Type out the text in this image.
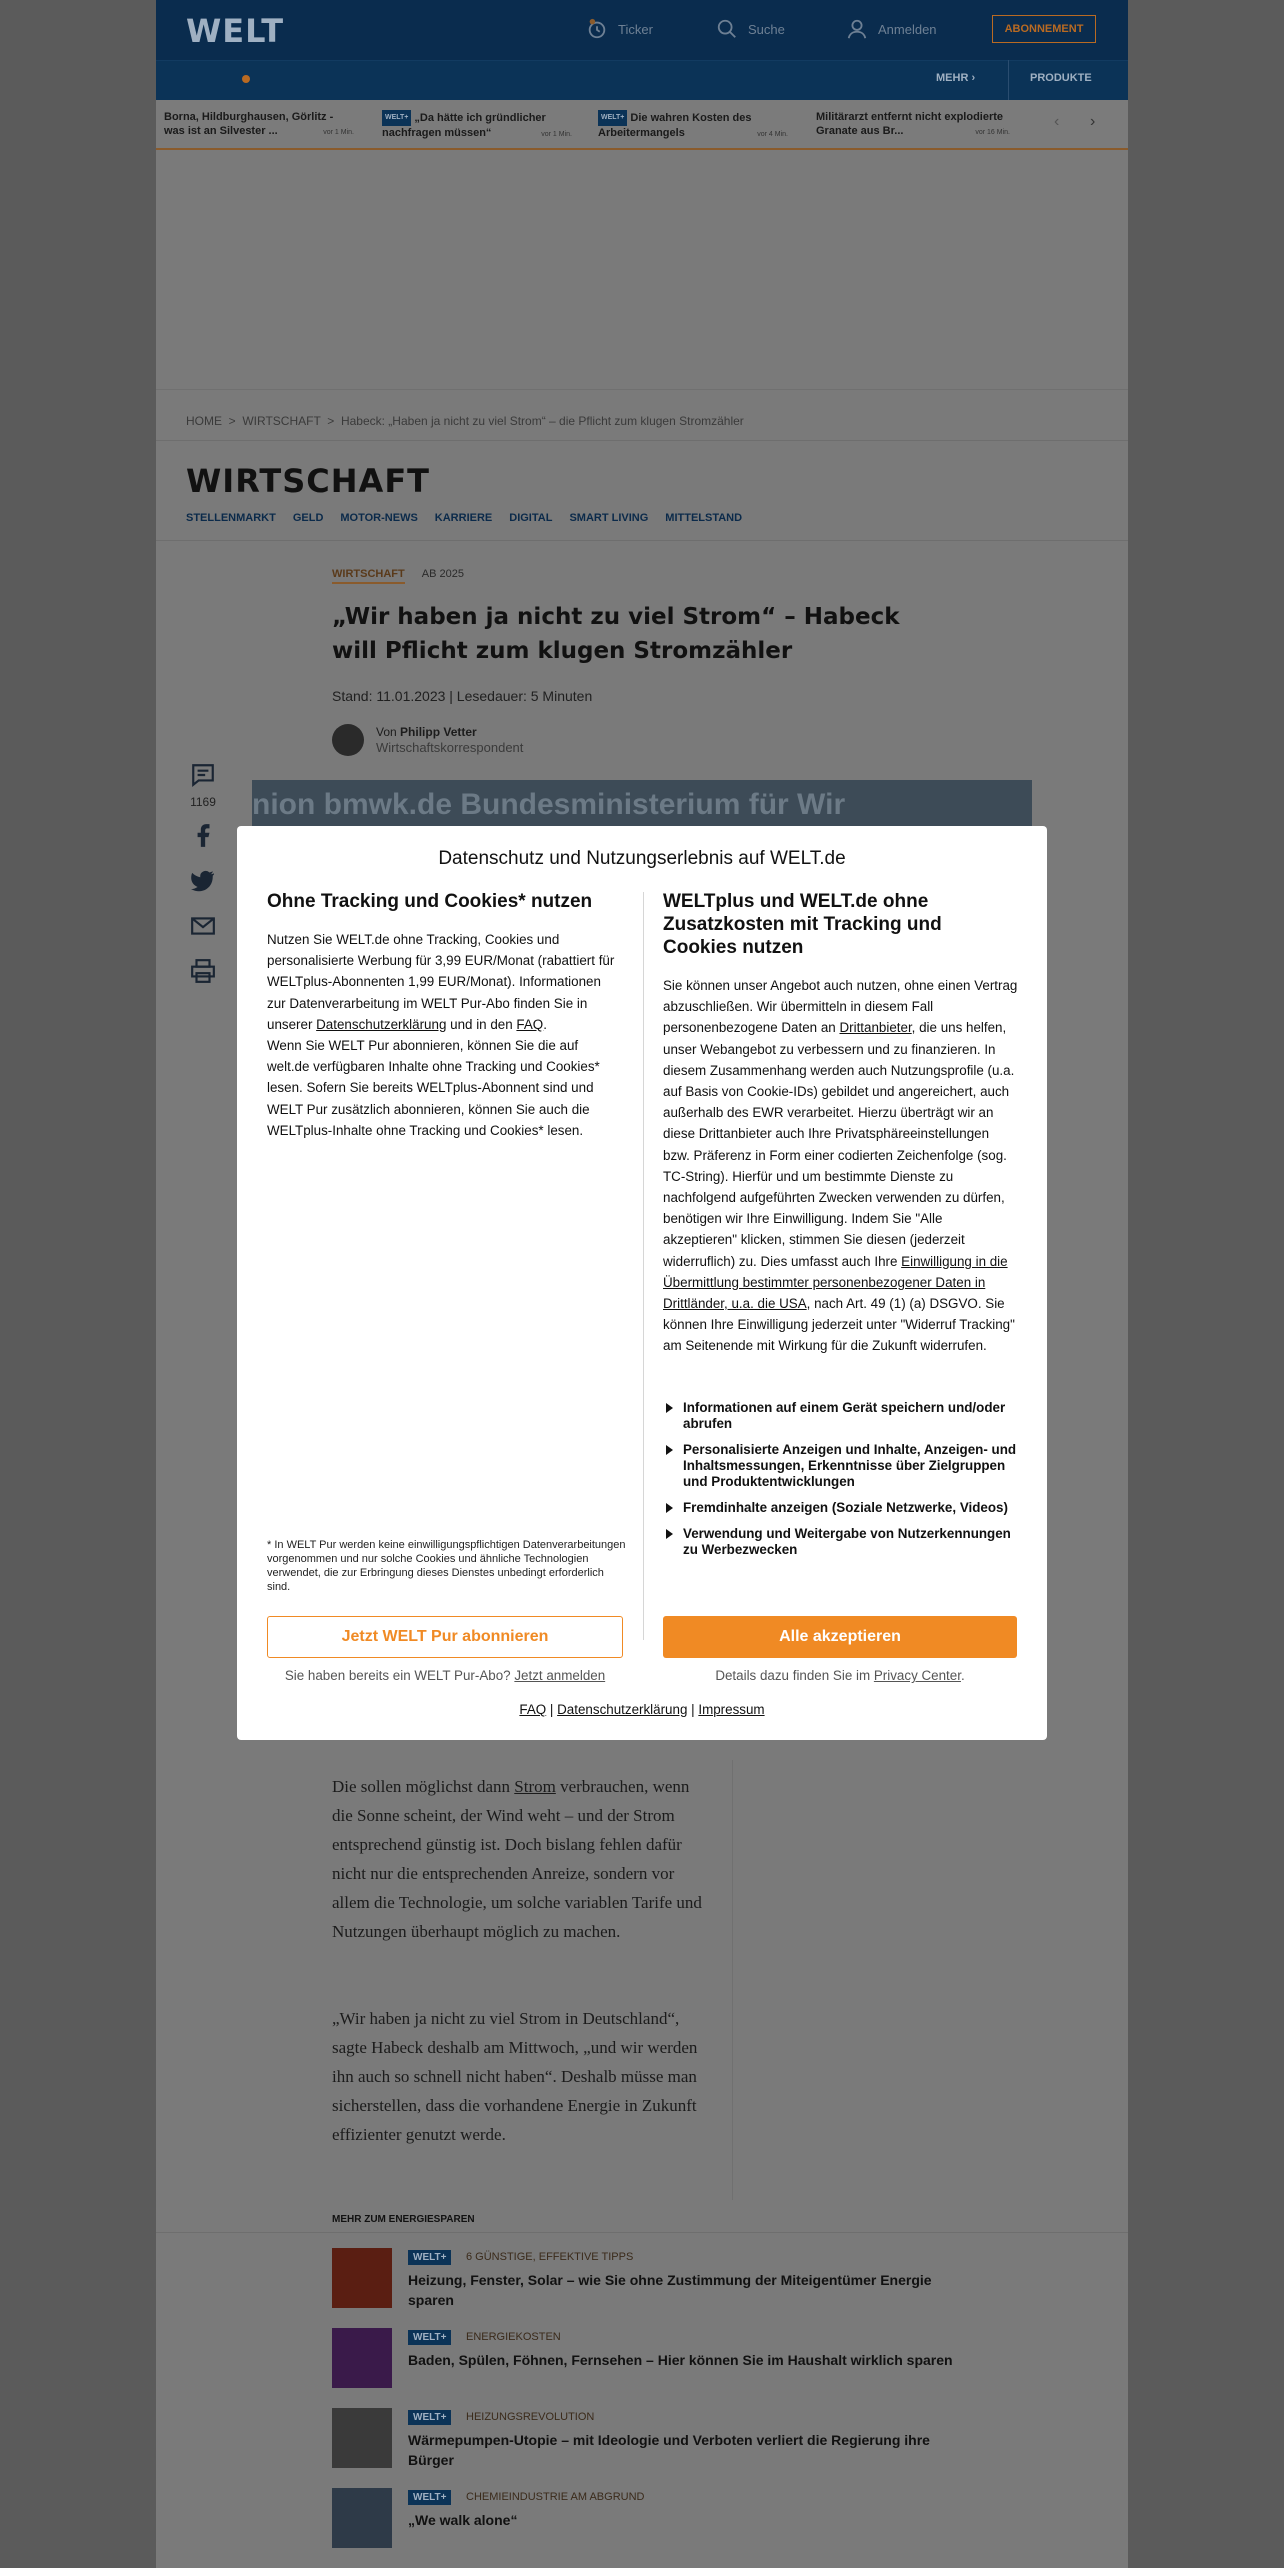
WELT	Ticker	Suche	Anmelden	ABONNEMENT
MEHR ›	PRODUKTE
Borna, Hildburghausen, Görlitz - was ist an Silvester ...	vor 1 Min.
WELT+ „Da hätte ich gründlicher nachfragen müssen“	vor 1 Min.
WELT+ Die wahren Kosten des Arbeitermangels	vor 4 Min.
Militärarzt entfernt nicht explodierte Granate aus Br...	vor 16 Min.
‹ ›
HOME > WIRTSCHAFT > Habeck: „Haben ja nicht zu viel Strom“ – die Pflicht zum klugen Stromzähler
WIRTSCHAFT
STELLENMARKT GELD MOTOR-NEWS KARRIERE DIGITAL SMART LIVING MITTELSTAND
WIRTSCHAFT AB 2025
„Wir haben ja nicht zu viel Strom“ – Habeck will Pflicht zum klugen Stromzähler
Stand: 11.01.2023 | Lesedauer: 5 Minuten
Von Philipp Vetter
Wirtschaftskorrespondent
1169
nion bmwk.de Bundesministerium für Wir
Die sollen möglichst dann Strom verbrauchen, wenn die Sonne scheint, der Wind weht – und der Strom entsprechend günstig ist. Doch bislang fehlen dafür nicht nur die entsprechenden Anreize, sondern vor allem die Technologie, um solche variablen Tarife und Nutzungen überhaupt möglich zu machen.
„Wir haben ja nicht zu viel Strom in Deutschland“, sagte Habeck deshalb am Mittwoch, „und wir werden ihn auch so schnell nicht haben“. Deshalb müsse man sicherstellen, dass die vorhandene Energie in Zukunft effizienter genutzt werde.
MEHR ZUM ENERGIESPAREN
WELT+	6 GÜNSTIGE, EFFEKTIVE TIPPS
Heizung, Fenster, Solar – wie Sie ohne Zustimmung der Miteigentümer Energie sparen
WELT+	ENERGIEKOSTEN
Baden, Spülen, Föhnen, Fernsehen – Hier können Sie im Haushalt wirklich sparen
WELT+	HEIZUNGSREVOLUTION
Wärmepumpen-Utopie – mit Ideologie und Verboten verliert die Regierung ihre Bürger
WELT+	CHEMIEINDUSTRIE AM ABGRUND
„We walk alone“
Datenschutz und Nutzungserlebnis auf WELT.de
Ohne Tracking und Cookies* nutzen
Nutzen Sie WELT.de ohne Tracking, Cookies und personalisierte Werbung für 3,99 EUR/Monat (rabattiert für WELTplus-Abonnenten 1,99 EUR/Monat). Informationen zur Datenverarbeitung im WELT Pur-Abo finden Sie in unserer Datenschutzerklärung und in den FAQ.
Wenn Sie WELT Pur abonnieren, können Sie die auf welt.de verfügbaren Inhalte ohne Tracking und Cookies* lesen. Sofern Sie bereits WELTplus-Abonnent sind und WELT Pur zusätzlich abonnieren, können Sie auch die WELTplus-Inhalte ohne Tracking und Cookies* lesen.
* In WELT Pur werden keine einwilligungspflichtigen Datenverarbeitungen vorgenommen und nur solche Cookies und ähnliche Technologien verwendet, die zur Erbringung dieses Dienstes unbedingt erforderlich sind.
WELTplus und WELT.de ohne Zusatzkosten mit Tracking und Cookies nutzen
Sie können unser Angebot auch nutzen, ohne einen Vertrag abzuschließen. Wir übermitteln in diesem Fall personenbezogene Daten an Drittanbieter, die uns helfen, unser Webangebot zu verbessern und zu finanzieren. In diesem Zusammenhang werden auch Nutzungsprofile (u.a. auf Basis von Cookie-IDs) gebildet und angereichert, auch außerhalb des EWR verarbeitet. Hierzu überträgt wir an diese Drittanbieter auch Ihre Privatsphäreeinstellungen bzw. Präferenz in Form einer codierten Zeichenfolge (sog. TC-String). Hierfür und um bestimmte Dienste zu nachfolgend aufgeführten Zwecken verwenden zu dürfen, benötigen wir Ihre Einwilligung. Indem Sie "Alle akzeptieren" klicken, stimmen Sie diesen (jederzeit widerruflich) zu. Dies umfasst auch Ihre Einwilligung in die Übermittlung bestimmter personenbezogener Daten in Drittländer, u.a. die USA, nach Art. 49 (1) (a) DSGVO. Sie können Ihre Einwilligung jederzeit unter "Widerruf Tracking" am Seitenende mit Wirkung für die Zukunft widerrufen.
Informationen auf einem Gerät speichern und/oder abrufen
Personalisierte Anzeigen und Inhalte, Anzeigen- und Inhaltsmessungen, Erkenntnisse über Zielgruppen und Produktentwicklungen
Fremdinhalte anzeigen (Soziale Netzwerke, Videos)
Verwendung und Weitergabe von Nutzerkennungen zu Werbezwecken
Jetzt WELT Pur abonnieren	Alle akzeptieren
Sie haben bereits ein WELT Pur-Abo? Jetzt anmelden	Details dazu finden Sie im Privacy Center.
FAQ | Datenschutzerklärung | Impressum
